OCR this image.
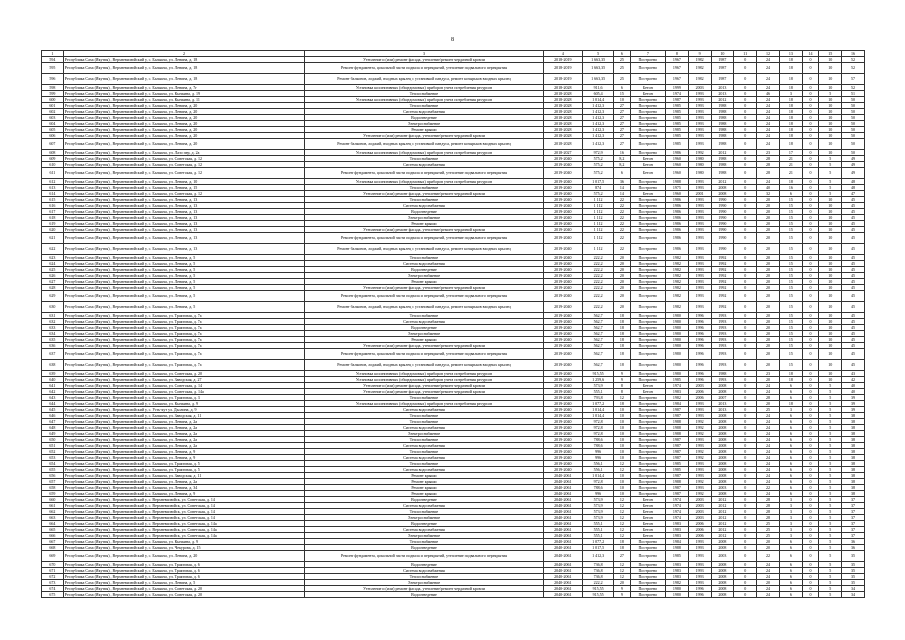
8
1	2	3	4	5	6	7	8	9	10	11	12	13	14	15	16
594	Республика Саха (Якутия) , Верхневилюйский у, с. Балыкча, ул. Ленина, д. 18	Утепление и (или) ремонт фасада, утепление/ремонт чердачной кровли	2018-2019	1 663,35	25	Построено	1967	1982	1987	0	24	18	0	10	52
595	Республика Саха (Якутия) , Верхневилюйский у, с. Балыкча, ул. Ленина, д. 18	Ремонт фундамента, цокольной части подвала и перекрытий, утепление подвального перекрытия	2018-2019	1 663,35	25	Построено	1967	1982	1987	0	24	18	0	10	52
596	Республика Саха (Якутия) , Верхневилюйский у, с. Балыкча, ул. Ленина, д. 18	Ремонт балконов, лоджий, входных крылец с установкой пандуса, ремонт козырьков входных крылец	2018-2019	1 663,35	25	Построено	1967	1982	1987	0	24	18	0	10	57
598	Республика Саха (Якутия) , Верхневилюйский у, с. Балыкча, ул. Ленина, д. 7г	Установка коллективных (общедомовых) приборов учета потребления ресурсов	2018-2028	911,6	6	Бетон	1999	2003	2013	0	24	18	0	10	52
599	Республика Саха (Якутия) , Верхневилюйский у, с. Балыкча, ул. Кычкина, д. 19	Теплоснабжение	2018-2028	605,4	15	Бетон	1974	1993	2013	0	46	3	0	5	51
600	Республика Саха (Якутия) , Верхневилюйский у, с. Балыкча, ул. Кычкина, д. 11	Установка коллективных (общедомовых) приборов учета потребления ресурсов	2018-2028	1 014,4	10	Построено	1987	1993	2012	0	24	18	0	10	50
601	Республика Саха (Якутия) , Верхневилюйский у, с. Балыкча, ул. Ленина, д. 20	Теплоснабжение	2018-2028	1 412,3	27	Построено	1985	1993	1988	0	24	18	0	10	50
602	Республика Саха (Якутия) , Верхневилюйский у, с. Балыкча, ул. Ленина, д. 20	Система водоснабжения	2018-2028	1 412,3	27	Построено	1985	1993	1988	0	24	18	0	10	50
603	Республика Саха (Якутия) , Верхневилюйский у, с. Балыкча, ул. Ленина, д. 20	Водоотведение	2018-2028	1 412,3	27	Построено	1985	1993	1988	0	24	18	0	10	50
604	Республика Саха (Якутия) , Верхневилюйский у, с. Балыкча, ул. Ленина, д. 20	Электроснабжение	2018-2028	1 412,3	27	Построено	1985	1993	1988	0	24	18	0	10	50
605	Республика Саха (Якутия) , Верхневилюйский у, с. Балыкча, ул. Ленина, д. 20	Ремонт крыши	2018-2028	1 412,3	27	Построено	1985	1993	1988	0	24	18	0	10	50
606	Республика Саха (Якутия) , Верхневилюйский у, с. Балыкча, ул. Ленина, д. 20	Утепление и (или) ремонт фасада, утепление/ремонт чердачной кровли	2018-2028	1 412,3	27	Построено	1985	1993	1988	0	24	18	0	10	50
607	Республика Саха (Якутия) , Верхневилюйский у, с. Балыкча, ул. Ленина, д. 20	Ремонт балконов, лоджий, входных крылец с установкой пандуса, ремонт козырьков входных крылец	2018-2028	1 412,3	27	Построено	1985	1993	1988	0	24	18	0	10	50
608	Республика Саха (Якутия) , Верхневилюйский у, с. Балыкча, ул. Лазо пер, д. 2а	Установка коллективных (общедомовых) приборов учета потребления ресурсов	2018-2027	972,9	16	Построено	1986	1992	2012	0	23	17	0	10	50
609	Республика Саха (Якутия) , Верхневилюйский у, с. Балыкча, ул. Советская, д. 12	Теплоснабжение	2019-2040	575,2	8,2	Бетон	1960	1980	1988	0	28	21	0	5	49
610	Республика Саха (Якутия) , Верхневилюйский у, с. Балыкча, ул. Советская, д. 12	Система водоснабжения	2019-2040	575,2	8,2	Бетон	1960	1980	1988	0	28	21	0	5	49
611	Республика Саха (Якутия) , Верхневилюйский у, с. Балыкча, ул. Советская, д. 12	Ремонт фундамента, цокольной части подвала и перекрытий, утепление подвального перекрытия	2019-2040	575,2	6	Бетон	1960	1980	1988	0	28	21	0	5	49
612	Республика Саха (Якутия) , Верхневилюйский у, с. Балыкча, ул. Ленина, д. 10	Установка коллективных (общедомовых) приборов учета потребления ресурсов	2019-2040	1 017,5	36	Построено	1988	1993	2012	0	24	18	0	5	48
613	Республика Саха (Якутия) , Верхневилюйский у, с. Балыкча, ул. Ленина, д. 15	Теплоснабжение	2019-2040	874	14	Построено	1975	1993	2008	0	40	16	0	5	48
614	Республика Саха (Якутия) , Верхневилюйский у, с. Балыкча, ул. Советская, д. 12	Утепление и (или) ремонт фасада, утепление/ремонт чердачной кровли	2019-2040	575,2	14	Бетон	1960	2001	2008	0	32	6	0	5	47
615	Республика Саха (Якутия) , Верхневилюйский у, с. Балыкча, ул. Ленина, д. 13	Теплоснабжение	2019-2040	1 112	22	Построено	1986	1993	1990	0	20	15	0	10	45
616	Республика Саха (Якутия) , Верхневилюйский у, с. Балыкча, ул. Ленина, д. 13	Система водоснабжения	2019-2040	1 112	22	Построено	1986	1993	1990	0	20	15	0	10	45
617	Республика Саха (Якутия) , Верхневилюйский у, с. Балыкча, ул. Ленина, д. 13	Водоотведение	2019-2040	1 112	22	Построено	1986	1993	1990	0	20	15	0	10	45
618	Республика Саха (Якутия) , Верхневилюйский у, с. Балыкча, ул. Ленина, д. 13	Электроснабжение	2019-2040	1 112	22	Построено	1986	1993	1990	0	20	15	0	10	45
619	Республика Саха (Якутия) , Верхневилюйский у, с. Балыкча, ул. Ленина, д. 13	Ремонт крыши	2019-2040	1 112	22	Построено	1986	1993	1990	0	20	15	0	10	45
620	Республика Саха (Якутия) , Верхневилюйский у, с. Балыкча, ул. Ленина, д. 13	Утепление и (или) ремонт фасада, утепление/ремонт чердачной кровли	2019-2040	1 112	22	Построено	1986	1993	1990	0	20	15	0	10	45
621	Республика Саха (Якутия) , Верхневилюйский у, с. Балыкча, ул. Ленина, д. 13	Ремонт фундамента, цокольной части подвала и перекрытий, утепление подвального перекрытия	2019-2040	1 112	22	Построено	1986	1993	1990	0	20	15	0	10	45
622	Республика Саха (Якутия) , Верхневилюйский у, с. Балыкча, ул. Ленина, д. 13	Ремонт балконов, лоджий, входных крылец с установкой пандуса, ремонт козырьков входных крылец	2019-2040	1 112	22	Построено	1986	1993	1990	0	20	15	0	10	45
623	Республика Саха (Якутия) , Верхневилюйский у, с. Балыкча, ул. Ленина, д. 5	Теплоснабжение	2019-2040	222,2	20	Построено	1982	1993	1992	0	20	15	0	10	45
624	Республика Саха (Якутия) , Верхневилюйский у, с. Балыкча, ул. Ленина, д. 5	Система водоснабжения	2019-2040	222,2	20	Построено	1982	1993	1992	0	20	15	0	10	45
625	Республика Саха (Якутия) , Верхневилюйский у, с. Балыкча, ул. Ленина, д. 5	Водоотведение	2019-2040	222,2	20	Построено	1982	1993	1992	0	20	15	0	10	45
626	Республика Саха (Якутия) , Верхневилюйский у, с. Балыкча, ул. Ленина, д. 5	Электроснабжение	2019-2040	222,2	20	Построено	1982	1993	1992	0	20	15	0	10	45
627	Республика Саха (Якутия) , Верхневилюйский у, с. Балыкча, ул. Ленина, д. 5	Ремонт крыши	2019-2040	222,2	20	Построено	1982	1993	1992	0	20	15	0	10	45
628	Республика Саха (Якутия) , Верхневилюйский у, с. Балыкча, ул. Ленина, д. 5	Утепление и (или) ремонт фасада, утепление/ремонт чердачной кровли	2019-2040	222,2	20	Построено	1982	1993	1992	0	20	15	0	10	45
629	Республика Саха (Якутия) , Верхневилюйский у, с. Балыкча, ул. Ленина, д. 5	Ремонт фундамента, цокольной части подвала и перекрытий, утепление подвального перекрытия	2019-2040	222,2	20	Построено	1982	1993	1992	0	20	15	0	10	45
630	Республика Саха (Якутия) , Верхневилюйский у, с. Балыкча, ул. Ленина, д. 5	Ремонт балконов, лоджий, входных крылец с установкой пандуса, ремонт козырьков входных крылец	2019-2040	222,2	20	Построено	1982	1993	1992	0	20	15	0	10	45
631	Республика Саха (Якутия) , Верхневилюйский у, с. Балыкча, ул. Трактовая, д. 7а	Теплоснабжение	2019-2040	562,7	18	Построено	1980	1996	1993	0	20	15	0	10	45
632	Республика Саха (Якутия) , Верхневилюйский у, с. Балыкча, ул. Трактовая, д. 7а	Система водоснабжения	2019-2040	562,7	18	Построено	1980	1996	1993	0	20	15	0	10	45
633	Республика Саха (Якутия) , Верхневилюйский у, с. Балыкча, ул. Трактовая, д. 7а	Водоотведение	2019-2040	562,7	18	Построено	1980	1996	1993	0	20	15	0	10	45
634	Республика Саха (Якутия) , Верхневилюйский у, с. Балыкча, ул. Трактовая, д. 7а	Электроснабжение	2019-2040	562,7	18	Построено	1980	1996	1993	0	20	15	0	10	45
635	Республика Саха (Якутия) , Верхневилюйский у, с. Балыкча, ул. Трактовая, д. 7а	Ремонт крыши	2019-2040	562,7	18	Построено	1980	1996	1993	0	20	15	0	10	45
636	Республика Саха (Якутия) , Верхневилюйский у, с. Балыкча, ул. Трактовая, д. 7а	Утепление и (или) ремонт фасада, утепление/ремонт чердачной кровли	2019-2040	562,7	18	Построено	1980	1996	1993	0	20	15	0	10	45
637	Республика Саха (Якутия) , Верхневилюйский у, с. Балыкча, ул. Трактовая, д. 7а	Ремонт фундамента, цокольной части подвала и перекрытий, утепление подвального перекрытия	2019-2040	562,7	18	Построено	1980	1996	1993	0	20	15	0	10	45
638	Республика Саха (Якутия) , Верхневилюйский у, с. Балыкча, ул. Трактовая, д. 7а	Ремонт балконов, лоджий, входных крылец с установкой пандуса, ремонт козырьков входных крылец	2019-2040	562,7	18	Построено	1980	1996	1993	0	20	15	0	10	45
639	Республика Саха (Якутия) , Верхневилюйский у, с. Балыкча, ул. Советская, д. 20	Установка коллективных (общедомовых) приборов учета потребления ресурсов	2019-2040	915,55	9	Построено	1980	1996	1988	0	23	18	0	10	43
640	Республика Саха (Якутия) , Верхневилюйский у, с. Балыкча, ул. Заводская, д. 27	Установка коллективных (общедомовых) приборов учета потребления ресурсов	2019-2040	1 259,6	9	Построено	1985	1996	1993	0	20	18	0	10	42
641	Республика Саха (Якутия) , Верхневилюйский у, с. Балыкча, ул. Советская, д. 14	Утепление и (или) ремонт фасада, утепление/ремонт чердачной кровли	2019-2040	573,9	8	Бетон	1974	2003	2008	0	24	6	0	5	40
642	Республика Саха (Якутия) , Верхневилюйский у, с. Балыкча, ул. Советская, д. 14а	Утепление и (или) ремонт фасада, утепление/ремонт чердачной кровли	2019-2040	555,1	8	Бетон	1983	2006	2008	0	24	6	0	5	40
643	Республика Саха (Якутия) , Верхневилюйский у, с. Балыкча, ул. Трактовая, д. 3	Теплоснабжение	2019-2040	793,8	12	Построено	1982	2006	2007	0	28	6	0	5	39
644	Республика Саха (Якутия) , Верхневилюйский у, с. Балыкча, ул. Кычкина, д. 9	Установка коллективных (общедомовых) приборов учета потребления ресурсов	2019-2040	1 077,2	18	Построено	1984	1993	2013	0	20	18	0	5	39
645	Республика Саха (Якутия) , Верхневилюйский у, с. Усть-кут ул. Дьолина, д. 9	Система водоснабжения	2019-2040	1 014,4	10	Построено	1987	1993	2013	0	25	3	0	5	39
646	Республика Саха (Якутия) , Верхневилюйский у, с. Балыкча, ул. Заводская, д. 11	Теплоснабжение	2019-2040	1 014,4	10	Построено	1987	1993	2008	0	24	6	0	5	38
647	Республика Саха (Якутия) , Верхневилюйский у, с. Балыкча, ул. Ленина, д. 2а	Теплоснабжение	2019-2040	972,8	10	Построено	1988	1992	2008	0	24	6	0	5	38
648	Республика Саха (Якутия) , Верхневилюйский у, с. Балыкча, ул. Ленина, д. 2а	Система водоснабжения	2019-2040	972,8	10	Построено	1988	1992	2008	0	24	6	0	5	38
649	Республика Саха (Якутия) , Верхневилюйский у, с. Балыкча, ул. Ленина, д. 2а	Электроснабжение	2019-2040	972,8	10	Построено	1988	1992	2008	0	24	6	0	5	38
650	Республика Саха (Якутия) , Верхневилюйский у, с. Балыкча, ул. Ленина, д. 2а	Теплоснабжение	2019-2040	788,6	10	Построено	1987	1993	2008	0	24	6	0	5	38
651	Республика Саха (Якутия) , Верхневилюйский у, с. Балыкча, ул. Ленина, д. 2а	Система водоснабжения	2019-2040	788,6	10	Построено	1987	1993	2008	0	24	6	0	5	38
652	Республика Саха (Якутия) , Верхневилюйский у, с. Балыкча, ул. Ленина, д. 9	Теплоснабжение	2019-2040	996	10	Построено	1987	1992	2008	0	24	6	0	5	38
653	Республика Саха (Якутия) , Верхневилюйский у, с. Балыкча, ул. Ленина, д. 9	Система водоснабжения	2019-2040	996	10	Построено	1987	1992	2008	0	24	6	0	5	38
654	Республика Саха (Якутия) , Верхневилюйский у, с. Балыкча, ул. Трактовая, д. 5	Теплоснабжение	2019-2040	556,1	12	Построено	1985	1993	2008	0	24	6	0	5	38
655	Республика Саха (Якутия) , Верхневилюйский у, с. Балыкча, ул. Трактовая, д. 5	Система водоснабжения	2019-2040	556,1	12	Построено	1985	1993	2008	0	24	6	0	5	38
656	Республика Саха (Якутия) , Верхневилюйский у, с. Балыкча, ул. Заводская, д. 11	Ремонт крыши	2040-2061	1 014,4	10	Построено	1987	1993	2008	0	24	6	0	5	38
657	Республика Саха (Якутия) , Верхневилюйский у, с. Балыкча, ул. Ленина, д. 2а	Ремонт крыши	2040-2061	972,8	10	Построено	1988	1992	2008	0	24	6	0	5	38
658	Республика Саха (Якутия) , Верхневилюйский у, с. Балыкча, ул. Ленина, д. 34	Ремонт крыши	2040-2061	788,6	10	Построено	1987	1993	2003	0	22	6	0	5	38
659	Республика Саха (Якутия) , Верхневилюйский у, с. Балыкча, ул. Ленина, д. 9	Ремонт крыши	2040-2061	996	10	Построено	1987	1992	2008	0	24	6	0	5	38
660	Республика Саха (Якутия) , Верхневилюйский у, с. Верхневилюйск, ул. Советская, д. 14	Водоотведение	2040-2061	573,9	12	Бетон	1974	2003	2012	0	28	3	0	5	37
661	Республика Саха (Якутия) , Верхневилюйский у, с. Верхневилюйск, ул. Советская, д. 14	Система водоснабжения	2040-2061	573,9	12	Бетон	1974	2003	2012	0	28	3	0	5	37
662	Республика Саха (Якутия) , Верхневилюйский у, с. Верхневилюйск, ул. Советская, д. 14	Теплоснабжение	2040-2061	573,9	12	Бетон	1974	2003	2012	0	28	3	0	5	37
663	Республика Саха (Якутия) , Верхневилюйский у, с. Верхневилюйск, ул. Советская, д. 14	Электроснабжение	2040-2061	573,9	12	Бетон	1974	2003	2012	0	28	3	0	5	37
664	Республика Саха (Якутия) , Верхневилюйский у, с. Верхневилюйск, ул. Советская, д. 14а	Водоотведение	2040-2061	555,1	12	Бетон	1983	2006	2012	0	25	3	0	5	37
665	Республика Саха (Якутия) , Верхневилюйский у, с. Верхневилюйск, ул. Советская, д. 14а	Система водоснабжения	2040-2061	555,1	12	Бетон	1983	2006	2012	0	25	3	0	5	37
666	Республика Саха (Якутия) , Верхневилюйский у, с. Верхневилюйск, ул. Советская, д. 14а	Электроснабжение	2040-2061	555,1	12	Бетон	1983	2006	2012	0	25	3	0	5	37
667	Республика Саха (Якутия) , Верхневилюйский у, с. Балыкча, ул. Кычкина, д. 9	Теплоснабжение	2040-2061	1 077,2	18	Построено	1984	1993	2008	0	20	6	0	5	36
668	Республика Саха (Якутия) , Верхневилюйский у, с. Балыкча, ул. Чекурова, д. 15	Водоотведение	2040-2061	1 017,5	18	Построено	1988	1993	2008	0	20	6	0	5	36
669	Республика Саха (Якутия) , Верхневилюйский у, с. Балыкча, ул. Ленина, д. 20	Ремонт фундамента, цокольной части подвала и перекрытий, утепление подвального перекрытия	2040-2061	1 412,3	27	Построено	1985	1993	2003	0	22	6	0	5	35
670	Республика Саха (Якутия) , Верхневилюйский у, с. Балыкча, ул. Трактовая, д. 6	Водоотведение	2040-2061	736,8	12	Построено	1983	1993	2008	0	24	6	0	5	35
671	Республика Саха (Якутия) , Верхневилюйский у, с. Балыкча, ул. Трактовая, д. 6	Система водоснабжения	2040-2061	736,8	12	Построено	1983	1993	2008	0	24	6	0	5	35
672	Республика Саха (Якутия) , Верхневилюйский у, с. Балыкча, ул. Трактовая, д. 6	Теплоснабжение	2040-2061	736,8	12	Построено	1983	1993	2008	0	24	6	0	5	35
673	Республика Саха (Якутия) , Верхневилюйский у, с. Балыкча, ул. Ленина, д. 5	Электроснабжение	2040-2061	222,2	20	Построено	1982	1993	2008	0	20	6	0	5	35
674	Республика Саха (Якутия) , Верхневилюйский у, с. Балыкча, ул. Советская, д. 20	Утепление и (или) ремонт фасада, утепление/ремонт чердачной кровли	2040-2061	915,55	9	Построено	1980	1996	2008	0	24	6	0	5	34
675	Республика Саха (Якутия) , Верхневилюйский у, с. Балыкча, ул. Советская, д. 20	Водоотведение	2040-2061	915,55	9	Построено	1980	1996	2008	0	24	6	0	5	34
